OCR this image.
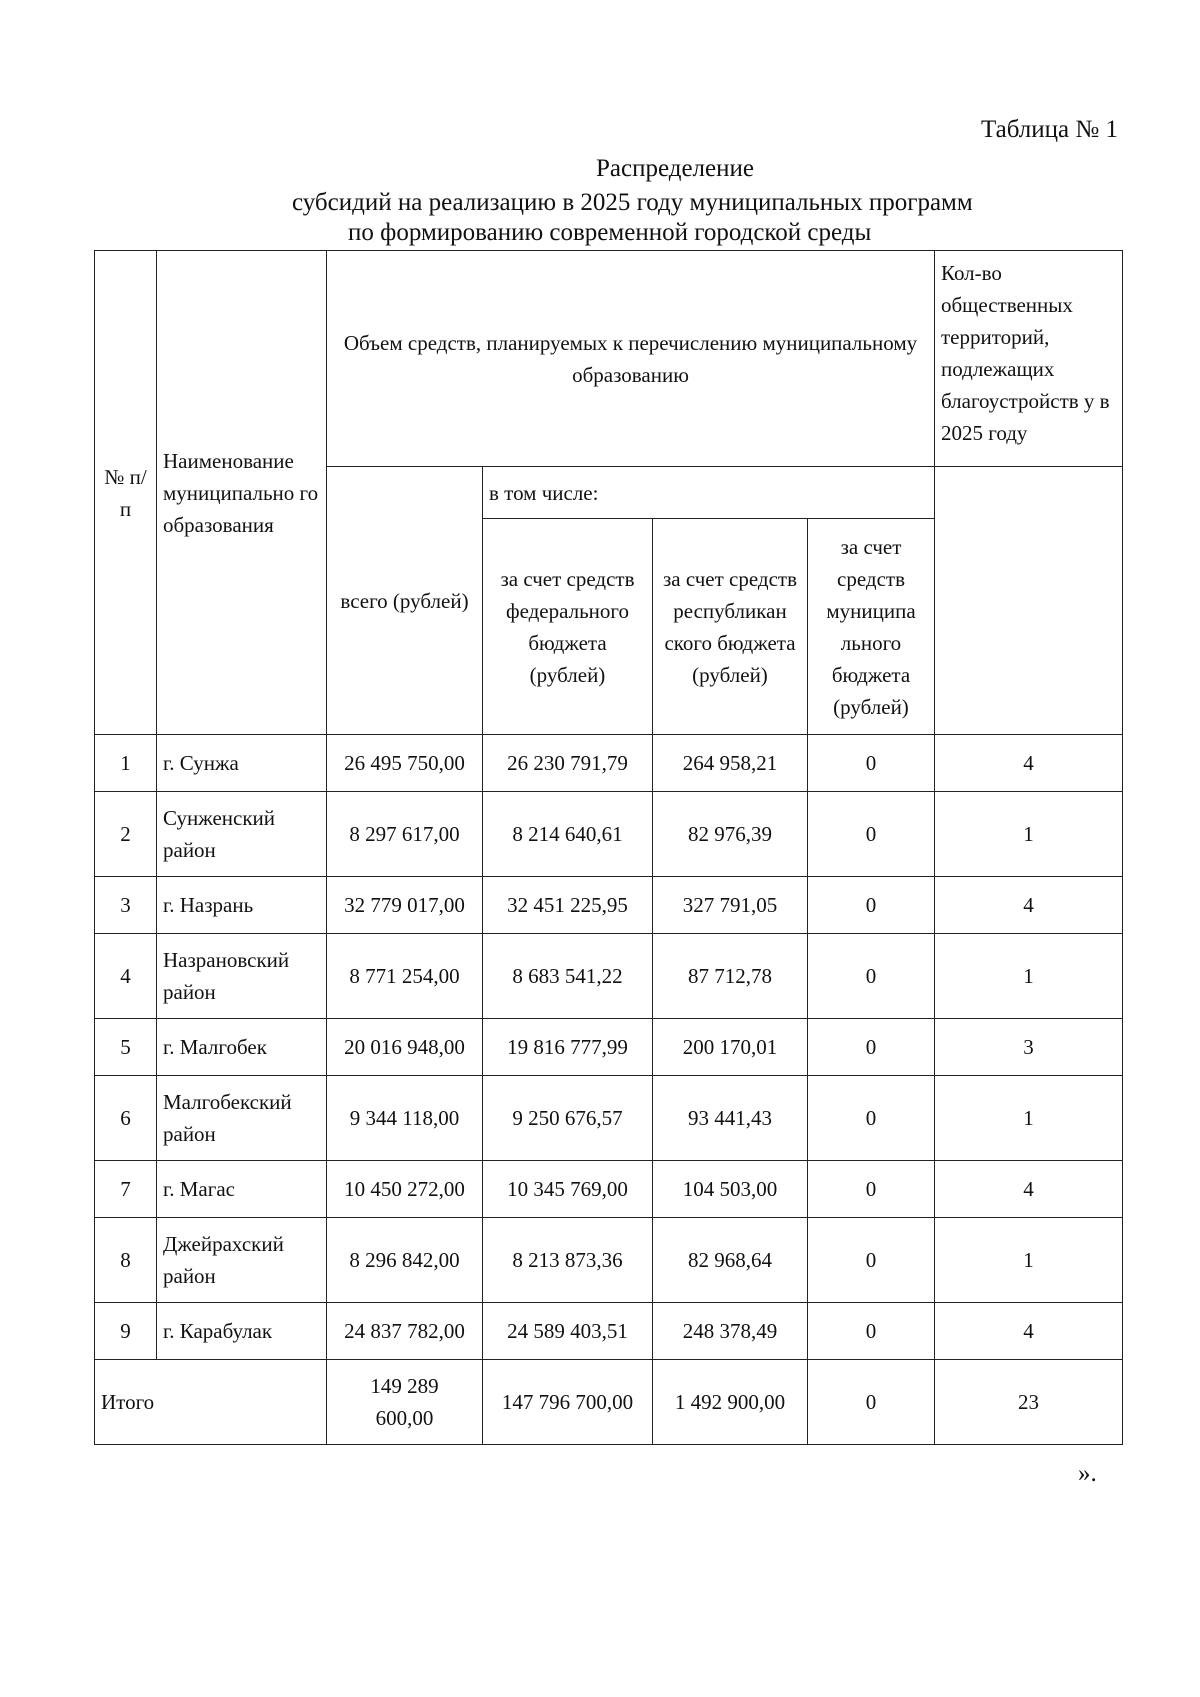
Таблица № 1
Распределение
субсидий на реализацию в 2025 году муниципальных программ
по формированию современной городской среды
№ п/п	Наименование муниципально го образования	Объем средств, планируемых к перечислению муниципальному образованию				Кол-во общественных территорий, подлежащих благоустройств у в 2025 году
		всего (рублей)	в том числе:			
			за счет средств федерального бюджета (рублей)	за счет средств республикан ского бюджета (рублей)	за счет средств муниципа льного бюджета (рублей)	
1	г. Сунжа	26 495 750,00	26 230 791,79	264 958,21	0	4
2	Сунженский район	8 297 617,00	8 214 640,61	82 976,39	0	1
3	г. Назрань	32 779 017,00	32 451 225,95	327 791,05	0	4
4	Назрановский район	8 771 254,00	8 683 541,22	87 712,78	0	1
5	г. Малгобек	20 016 948,00	19 816 777,99	200 170,01	0	3
6	Малгобекский район	9 344 118,00	9 250 676,57	93 441,43	0	1
7	г. Магас	10 450 272,00	10 345 769,00	104 503,00	0	4
8	Джейрахский район	8 296 842,00	8 213 873,36	82 968,64	0	1
9	г. Карабулак	24 837 782,00	24 589 403,51	248 378,49	0	4
Итого		149 289 600,00	147 796 700,00	1 492 900,00	0	23
».
